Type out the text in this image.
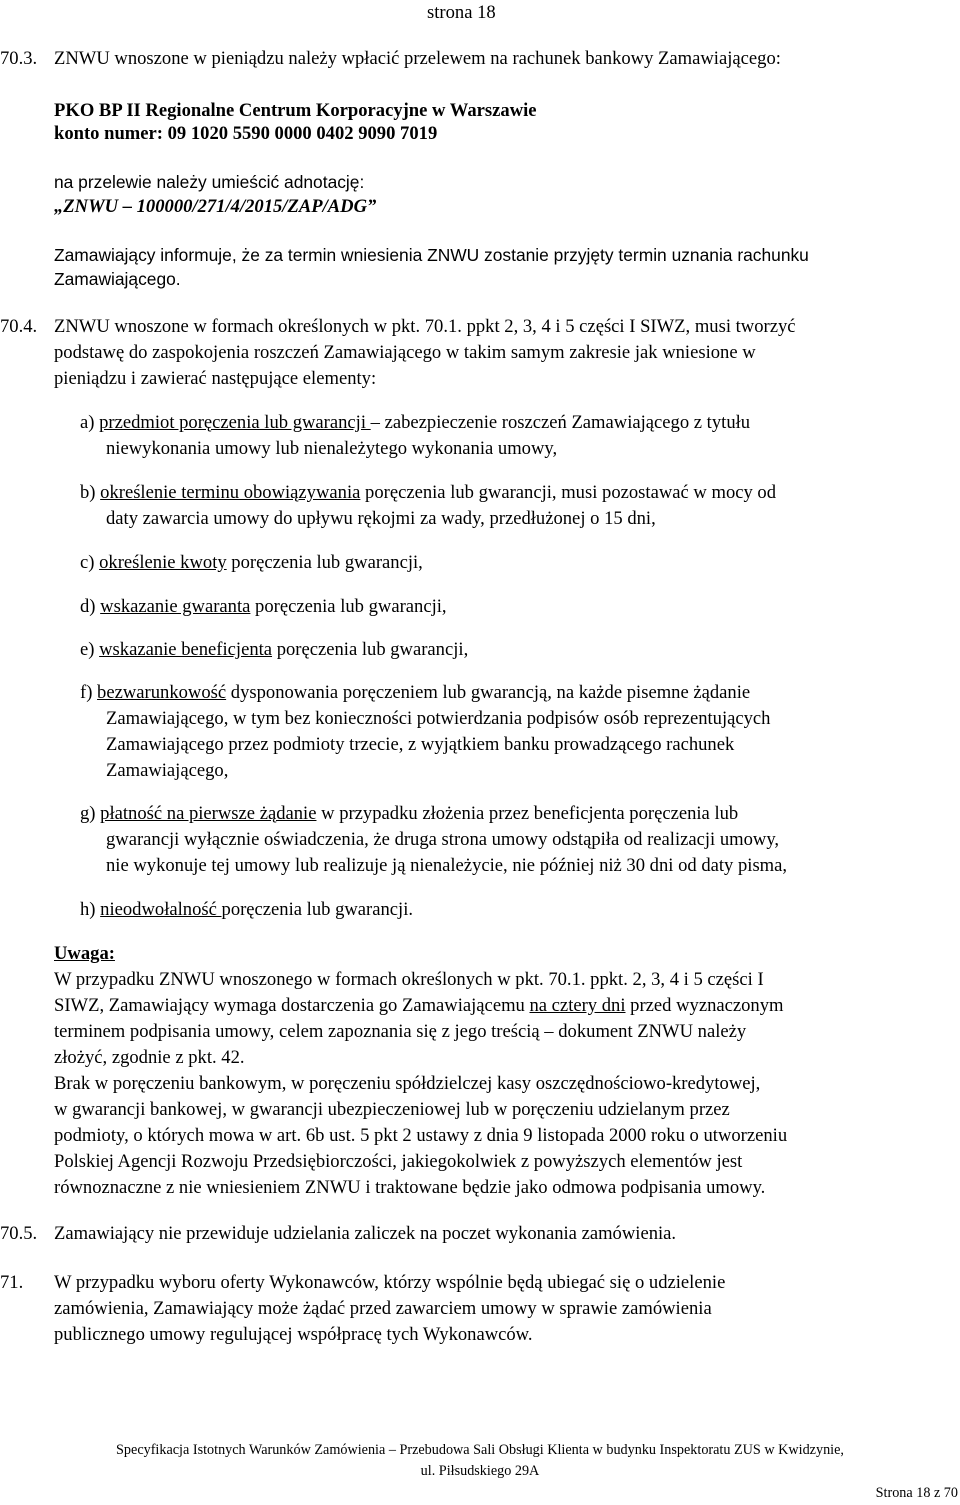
strona 18
70.3. ZNWU wnoszone w pieniądzu należy wpłacić przelewem na rachunek bankowy Zamawiającego:
PKO BP II Regionalne Centrum Korporacyjne w Warszawie
konto numer: 09 1020 5590 0000 0402 9090 7019
na przelewie należy umieścić adnotację:
„ZNWU – 100000/271/4/2015/ZAP/ADG”
Zamawiający informuje, że za termin wniesienia ZNWU zostanie przyjęty termin uznania rachunku
Zamawiającego.
70.4. ZNWU wnoszone w formach określonych w pkt. 70.1. ppkt 2, 3, 4 i 5 części I SIWZ, musi tworzyć
podstawę do zaspokojenia roszczeń Zamawiającego w takim samym zakresie jak wniesione w
pieniądzu i zawierać następujące elementy:
a) przedmiot poręczenia lub gwarancji – zabezpieczenie roszczeń Zamawiającego z tytułu
niewykonania umowy lub nienależytego wykonania umowy,
b) określenie terminu obowiązywania poręczenia lub gwarancji, musi pozostawać w mocy od
daty zawarcia umowy do upływu rękojmi za wady, przedłużonej o 15 dni,
c) określenie kwoty poręczenia lub gwarancji,
d) wskazanie gwaranta poręczenia lub gwarancji,
e) wskazanie beneficjenta poręczenia lub gwarancji,
f) bezwarunkowość dysponowania poręczeniem lub gwarancją, na każde pisemne żądanie
Zamawiającego, w tym bez konieczności potwierdzania podpisów osób reprezentujących
Zamawiającego przez podmioty trzecie, z wyjątkiem banku prowadzącego rachunek
Zamawiającego,
g) płatność na pierwsze żądanie w przypadku złożenia przez beneficjenta poręczenia lub
gwarancji wyłącznie oświadczenia, że druga strona umowy odstąpiła od realizacji umowy,
nie wykonuje tej umowy lub realizuje ją nienależycie, nie później niż 30 dni od daty pisma,
h) nieodwołalność poręczenia lub gwarancji.
Uwaga:
W przypadku ZNWU wnoszonego w formach określonych w pkt. 70.1. ppkt. 2, 3, 4 i 5 części I
SIWZ, Zamawiający wymaga dostarczenia go Zamawiającemu na cztery dni przed wyznaczonym
terminem podpisania umowy, celem zapoznania się z jego treścią – dokument ZNWU należy
złożyć, zgodnie z pkt. 42.
Brak w poręczeniu bankowym, w poręczeniu spółdzielczej kasy oszczędnościowo-kredytowej,
w gwarancji bankowej, w gwarancji ubezpieczeniowej lub w poręczeniu udzielanym przez
podmioty, o których mowa w art. 6b ust. 5 pkt 2 ustawy z dnia 9 listopada 2000 roku o utworzeniu
Polskiej Agencji Rozwoju Przedsiębiorczości, jakiegokolwiek z powyższych elementów jest
równoznaczne z nie wniesieniem ZNWU i traktowane będzie jako odmowa podpisania umowy.
70.5. Zamawiający nie przewiduje udzielania zaliczek na poczet wykonania zamówienia.
71. W przypadku wyboru oferty Wykonawców, którzy wspólnie będą ubiegać się o udzielenie
zamówienia, Zamawiający może żądać przed zawarciem umowy w sprawie zamówienia
publicznego umowy regulującej współpracę tych Wykonawców.
Specyfikacja Istotnych Warunków Zamówienia – Przebudowa Sali Obsługi Klienta w budynku Inspektoratu ZUS w Kwidzynie,
ul. Piłsudskiego 29A
Strona 18 z 70
